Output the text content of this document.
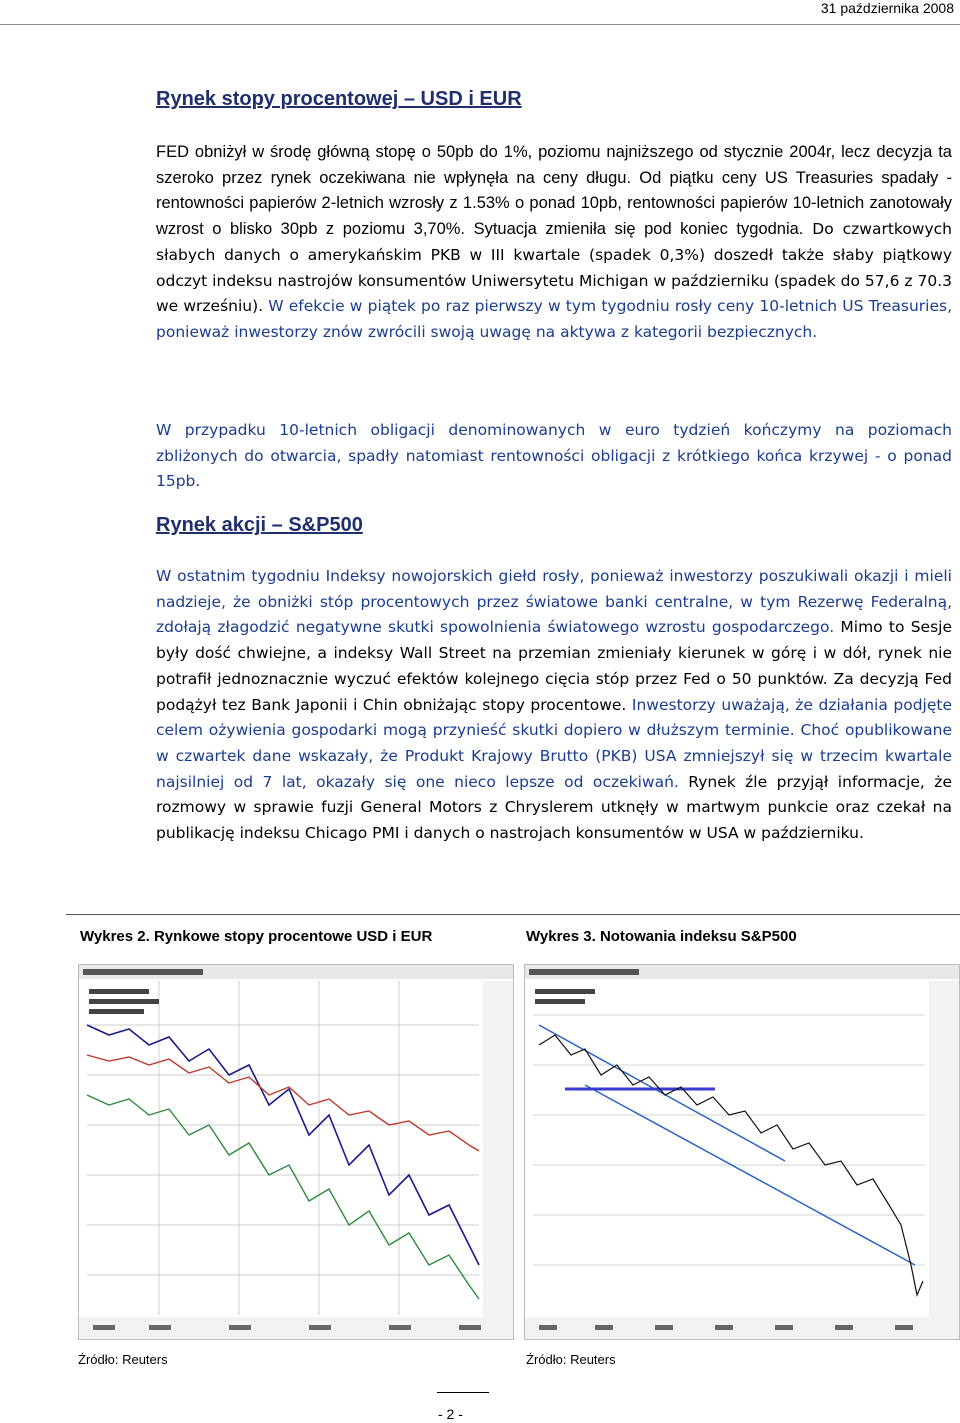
31 października 2008
Rynek stopy procentowej – USD i EUR

FED obniżył w środę główną stopę o 50pb do 1%, poziomu najniższego od stycznie 2004r, lecz decyzja ta szeroko przez rynek oczekiwana nie wpłynęła na ceny długu. Od piątku ceny US Treasuries spadały - rentowności papierów 2-letnich wzrosły z 1.53% o ponad 10pb, rentowności papierów 10-letnich zanotowały wzrost o blisko 30pb z poziomu 3,70%. Sytuacja zmieniła się pod koniec tygodnia. Do czwartkowych słabych danych o amerykańskim PKB w III kwartale (spadek 0,3%) doszedł także słaby piątkowy odczyt indeksu nastrojów konsumentów Uniwersytetu Michigan w październiku (spadek do 57,6 z 70.3 we wrześniu). W efekcie w piątek po raz pierwszy w tym tygodniu rosły ceny 10-letnich US Treasuries, ponieważ inwestorzy znów zwrócili swoją uwagę na aktywa z kategorii bezpiecznych.

W przypadku 10-letnich obligacji denominowanych w euro tydzień kończymy na poziomach zbliżonych do otwarcia, spadły natomiast rentowności obligacji z krótkiego końca krzywej - o ponad 15pb.

Rynek akcji – S&P500

W ostatnim tygodniu Indeksy nowojorskich giełd rosły, ponieważ inwestorzy poszukiwali okazji i mieli nadzieje, że obniżki stóp procentowych przez światowe banki centralne, w tym Rezerwę Federalną, zdołają złagodzić negatywne skutki spowolnienia światowego wzrostu gospodarczego. Mimo to Sesje były dość chwiejne, a indeksy Wall Street na przemian zmieniały kierunek w górę i w dół, rynek nie potrafił jednoznacznie wyczuć efektów kolejnego cięcia stóp przez Fed o 50 punktów. Za decyzją Fed podążył tez Bank Japonii i Chin obniżając stopy procentowe. Inwestorzy uważają, że działania podjęte celem ożywienia gospodarki mogą przynieść skutki dopiero w dłuższym terminie. Choć opublikowane w czwartek dane wskazały, że Produkt Krajowy Brutto (PKB) USA zmniejszył się w trzecim kwartale najsilniej od 7 lat, okazały się one nieco lepsze od oczekiwań. Rynek źle przyjął informacje, że rozmowy w sprawie fuzji General Motors z Chryslerem utknęły w martwym punkcie oraz czekał na publikację indeksu Chicago PMI i danych o nastrojach konsumentów w USA w październiku.

Wykres 2. Rynkowe stopy procentowe USD i EUR	Wykres 3. Notowania indeksu S&P500
Źródło: Reuters	Źródło: Reuters
- 2 -
